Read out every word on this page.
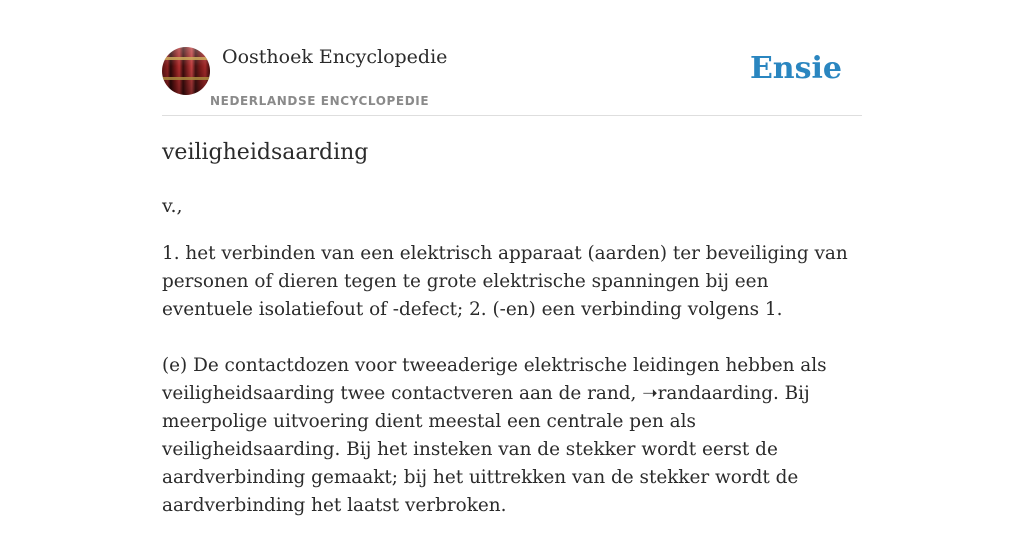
Oosthoek Encyclopedie
NEDERLANDSE ENCYCLOPEDIE
Ensie
veiligheidsaarding
v.,

1. het verbinden van een elektrisch apparaat (aarden) ter beveiliging van personen of dieren tegen te grote elektrische spanningen bij een eventuele isolatiefout of -defect; 2. (-en) een verbinding volgens 1.

(e) De contactdozen voor tweeaderige elektrische leidingen hebben als veiligheidsaarding twee contactveren aan de rand, ➝randaarding. Bij meerpolige uitvoering dient meestal een centrale pen als veiligheidsaarding. Bij het insteken van de stekker wordt eerst de aardverbinding gemaakt; bij het uittrekken van de stekker wordt de aardverbinding het laatst verbroken.
